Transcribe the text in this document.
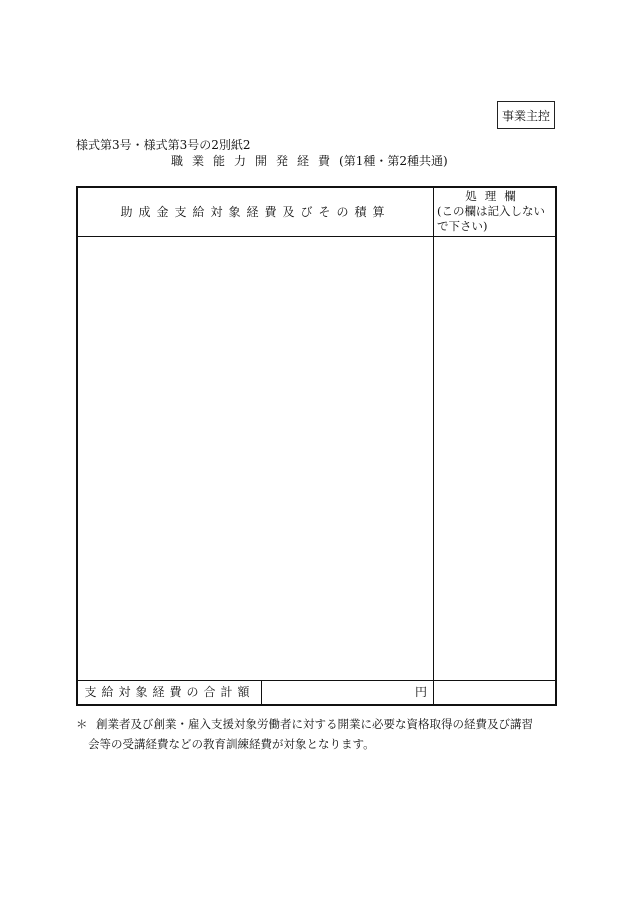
事業主控
様式第3号・様式第3号の2別紙2
職業能力開発経費(第1種・第2種共通)
助成金支給対象経費及びその積算
処理欄
(この欄は記入しない
で下さい)
支給対象経費の合計額	円
＊ 創業者及び創業・雇入支援対象労働者に対する開業に必要な資格取得の経費及び講習
会等の受講経費などの教育訓練経費が対象となります。
